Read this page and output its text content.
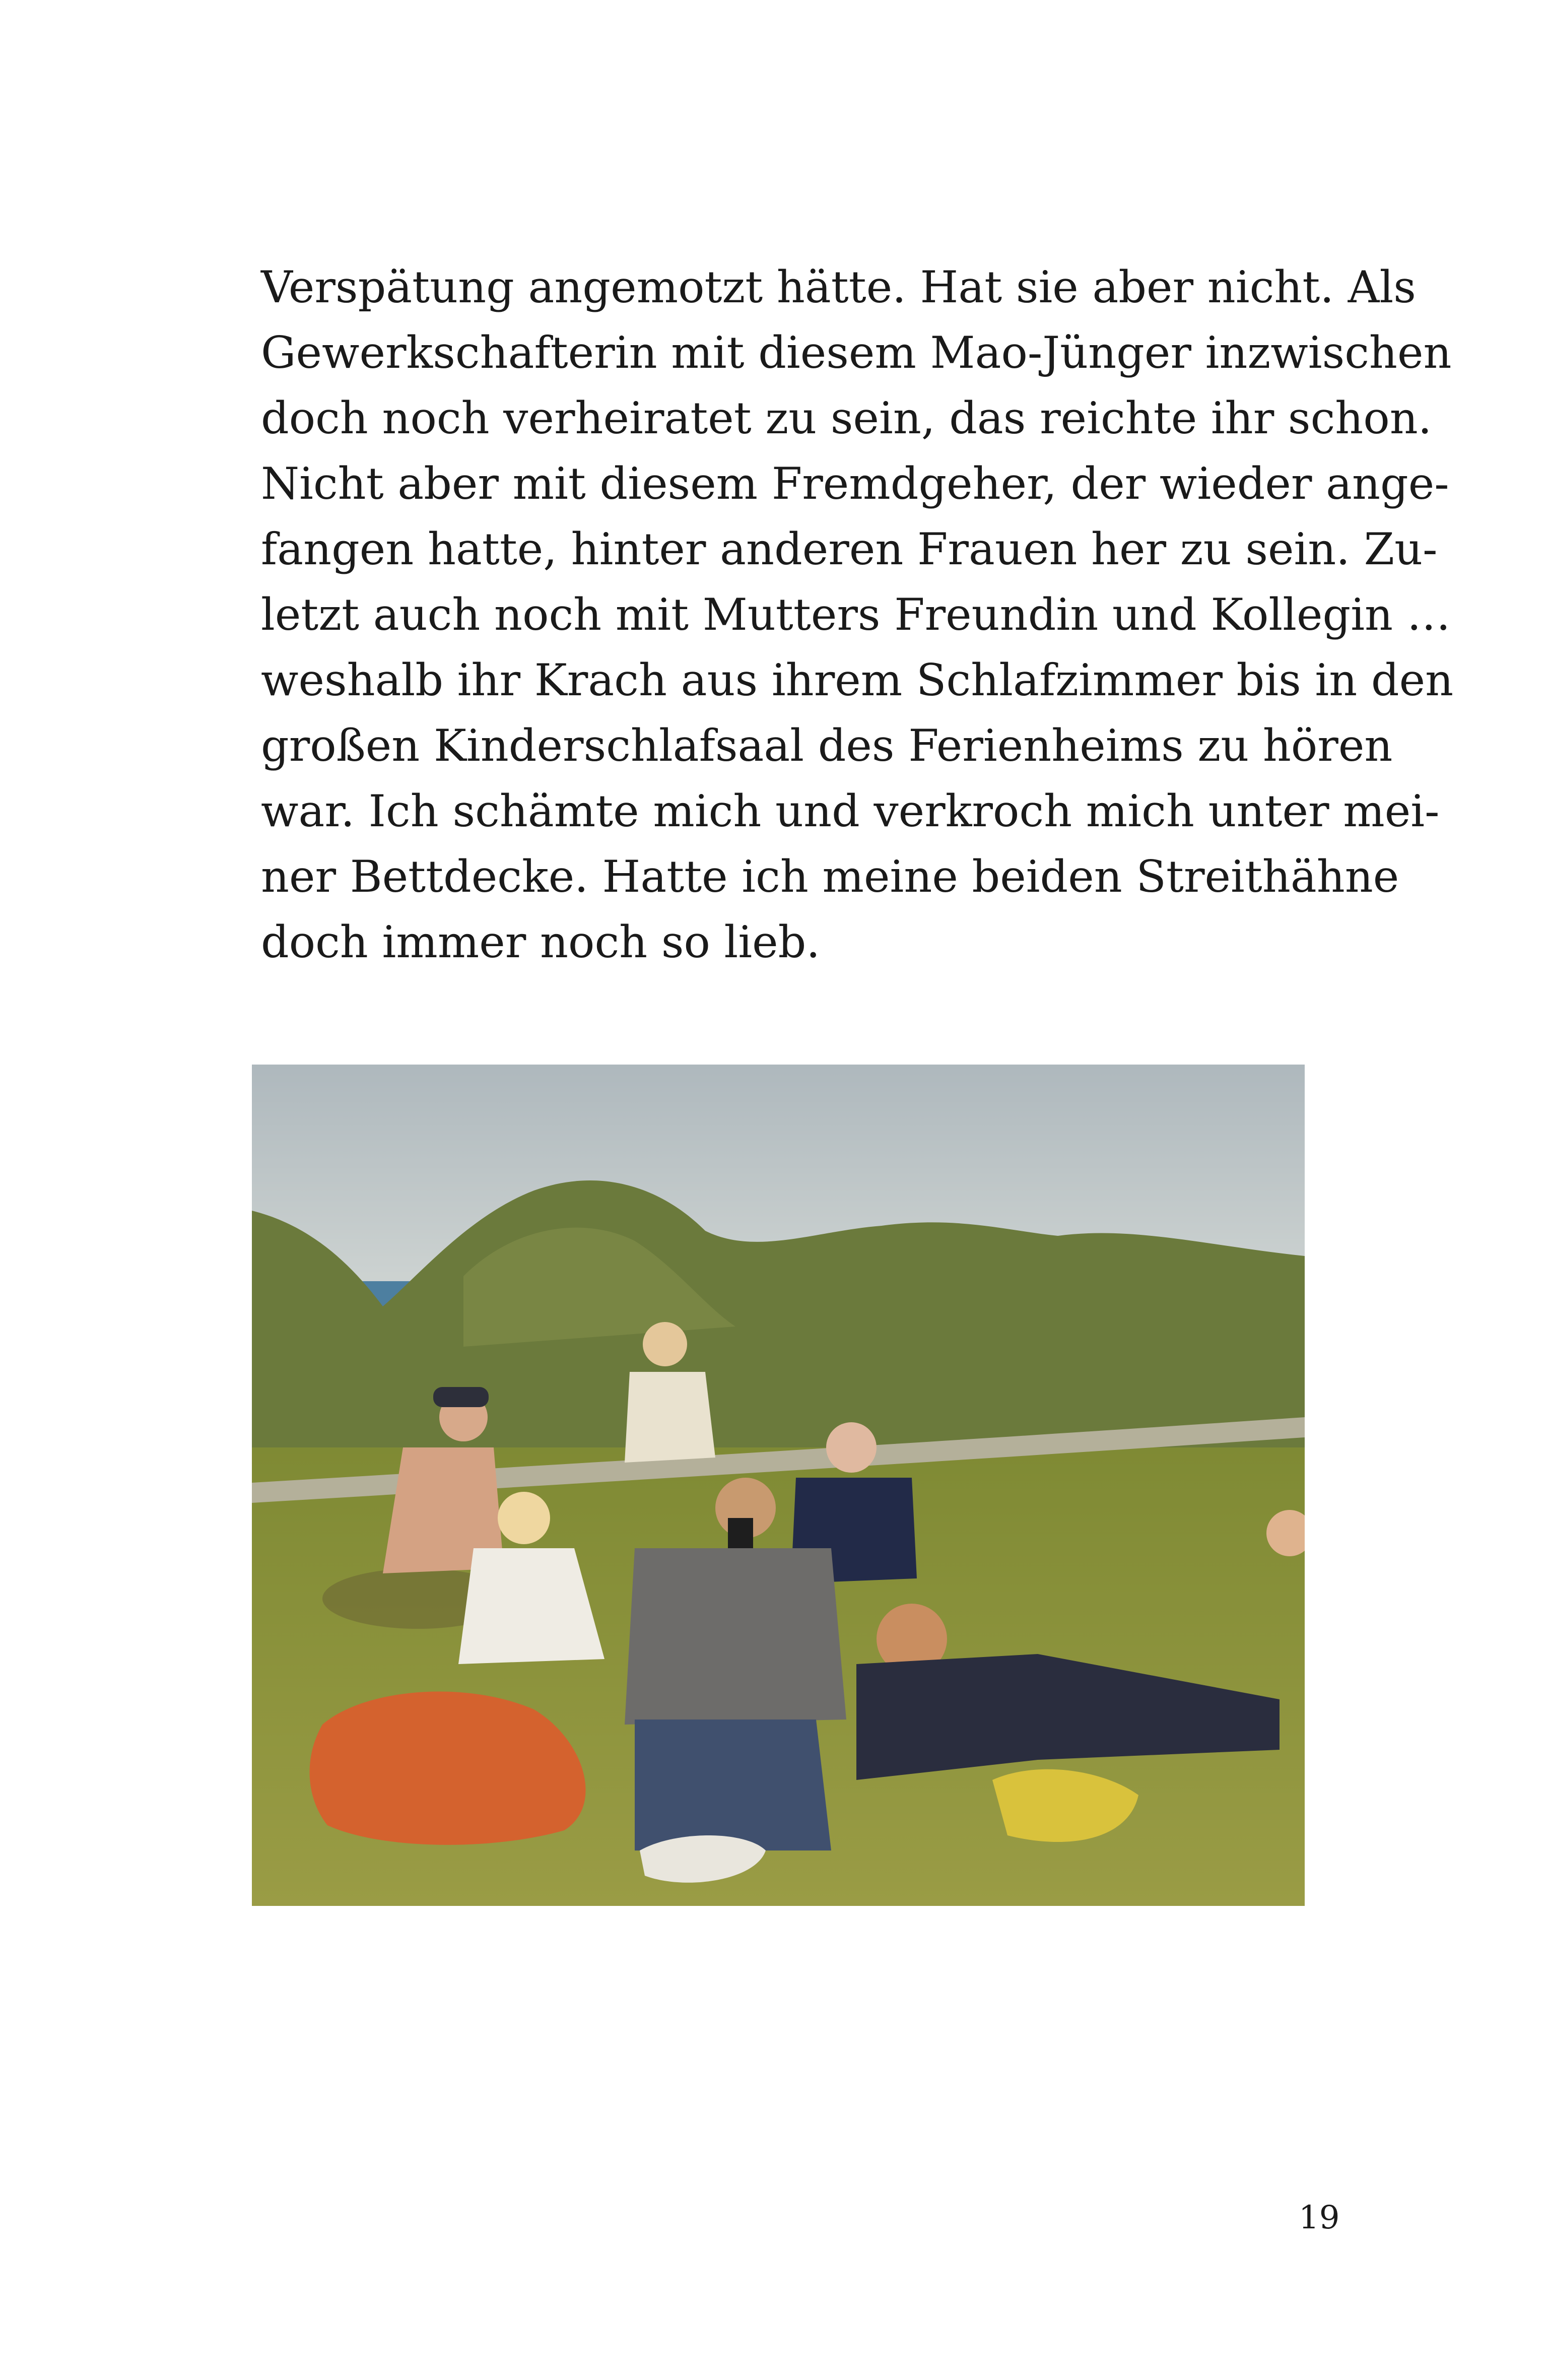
Verspätung angemotzt hätte. Hat sie aber nicht. Als
Gewerkschafterin mit diesem Mao-Jünger inzwischen
doch noch verheiratet zu sein, das reichte ihr schon.
Nicht aber mit diesem Fremdgeher, der wieder ange-
fangen hatte, hinter anderen Frauen her zu sein. Zu-
letzt auch noch mit Mutters Freundin und Kollegin …
weshalb ihr Krach aus ihrem Schlafzimmer bis in den
großen Kinderschlafsaal des Ferienheims zu hören
war. Ich schämte mich und verkroch mich unter mei-
ner Bettdecke. Hatte ich meine beiden Streithähne
doch immer noch so lieb.
19
